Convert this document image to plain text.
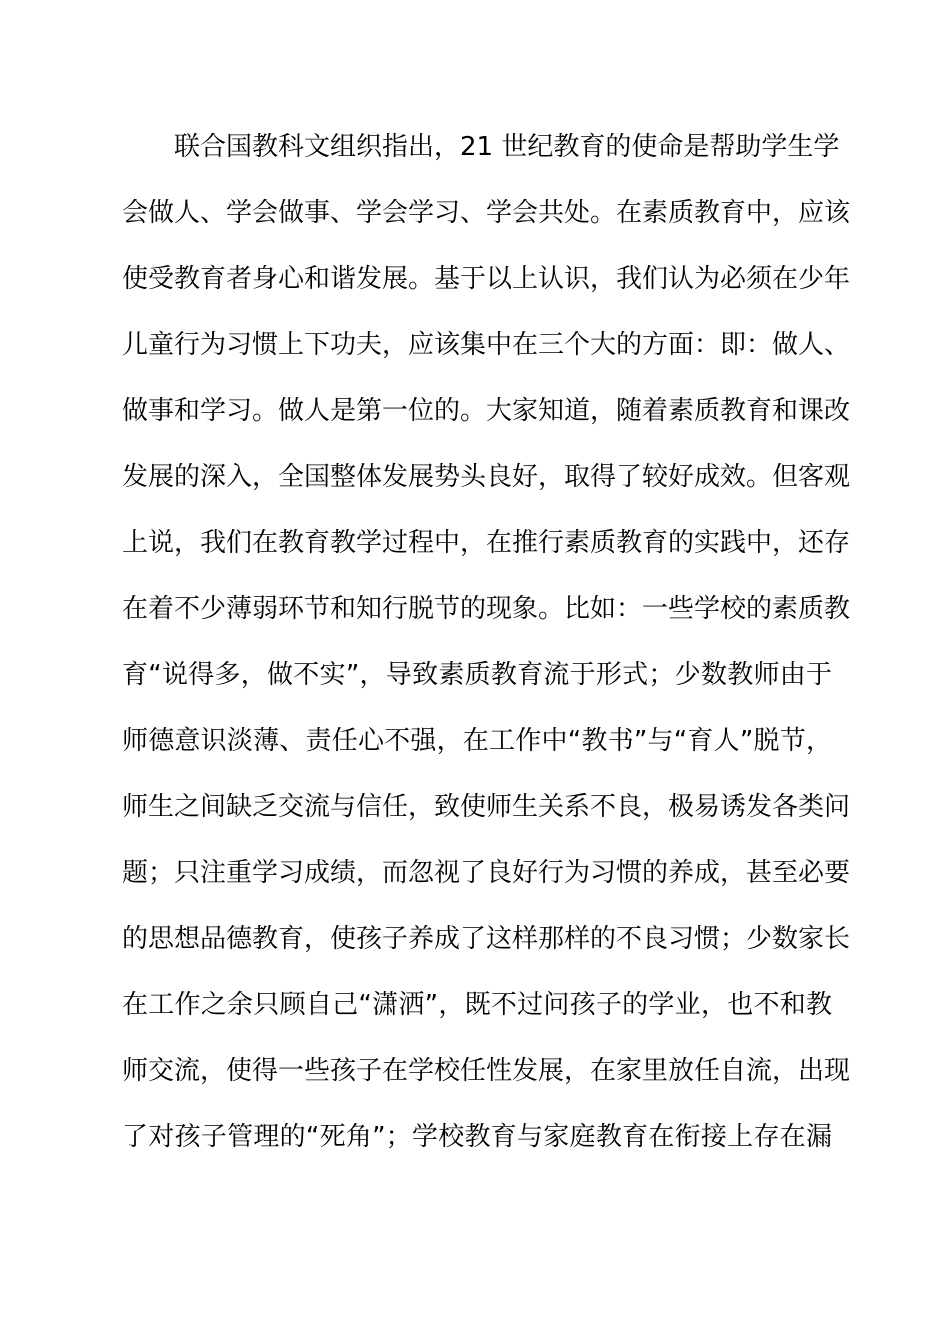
　　联合国教科文组织指出，21 世纪教育的使命是帮助学生学
会做人、学会做事、学会学习、学会共处。在素质教育中，应该
使受教育者身心和谐发展。基于以上认识，我们认为必须在少年
儿童行为习惯上下功夫，应该集中在三个大的方面：即：做人、
做事和学习。做人是第一位的。大家知道，随着素质教育和课改
发展的深入，全国整体发展势头良好，取得了较好成效。但客观
上说，我们在教育教学过程中，在推行素质教育的实践中，还存
在着不少薄弱环节和知行脱节的现象。比如：一些学校的素质教
育“说得多，做不实”，导致素质教育流于形式；少数教师由于
师德意识淡薄、责任心不强，在工作中“教书”与“育人”脱节，
师生之间缺乏交流与信任，致使师生关系不良，极易诱发各类问
题；只注重学习成绩，而忽视了良好行为习惯的养成，甚至必要
的思想品德教育，使孩子养成了这样那样的不良习惯；少数家长
在工作之余只顾自己“潇洒”，既不过问孩子的学业，也不和教
师交流，使得一些孩子在学校任性发展，在家里放任自流，出现
了对孩子管理的“死角”；学校教育与家庭教育在衔接上存在漏
